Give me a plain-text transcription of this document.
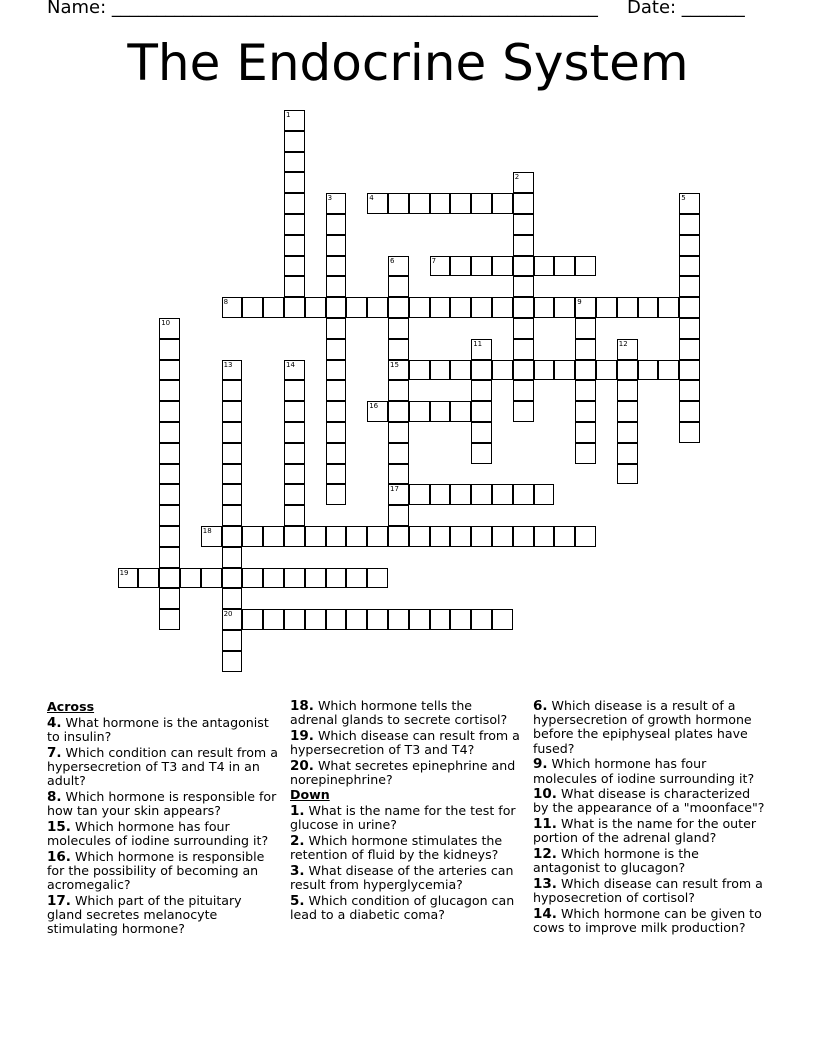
Name: ______________________________________________________ Date: _______
The Endocrine System
1
2
3	4	5
6
15
17
7
8	9
10
11	12
13
20
14
16
18
19
Across
4. What hormone is the antagonist to insulin?
7. Which condition can result from a hypersecretion of T3 and T4 in an adult?
8. Which hormone is responsible for how tan your skin appears?
15. Which hormone has four molecules of iodine surrounding it?
16. Which hormone is responsible for the possibility of becoming an acromegalic?
17. Which part of the pituitary gland secretes melanocyte stimulating hormone?
18. Which hormone tells the adrenal glands to secrete cortisol?
19. Which disease can result from a hypersecretion of T3 and T4?
20. What secretes epinephrine and norepinephrine?
Down
1. What is the name for the test for glucose in urine?
2. Which hormone stimulates the retention of fluid by the kidneys?
3. What disease of the arteries can result from hyperglycemia?
5. Which condition of glucagon can lead to a diabetic coma?
6. Which disease is a result of a hypersecretion of growth hormone before the epiphyseal plates have fused?
9. Which hormone has four molecules of iodine surrounding it?
10. What disease is characterized by the appearance of a "moonface"?
11. What is the name for the outer portion of the adrenal gland?
12. Which hormone is the antagonist to glucagon?
13. Which disease can result from a hyposecretion of cortisol?
14. Which hormone can be given to cows to improve milk production?
